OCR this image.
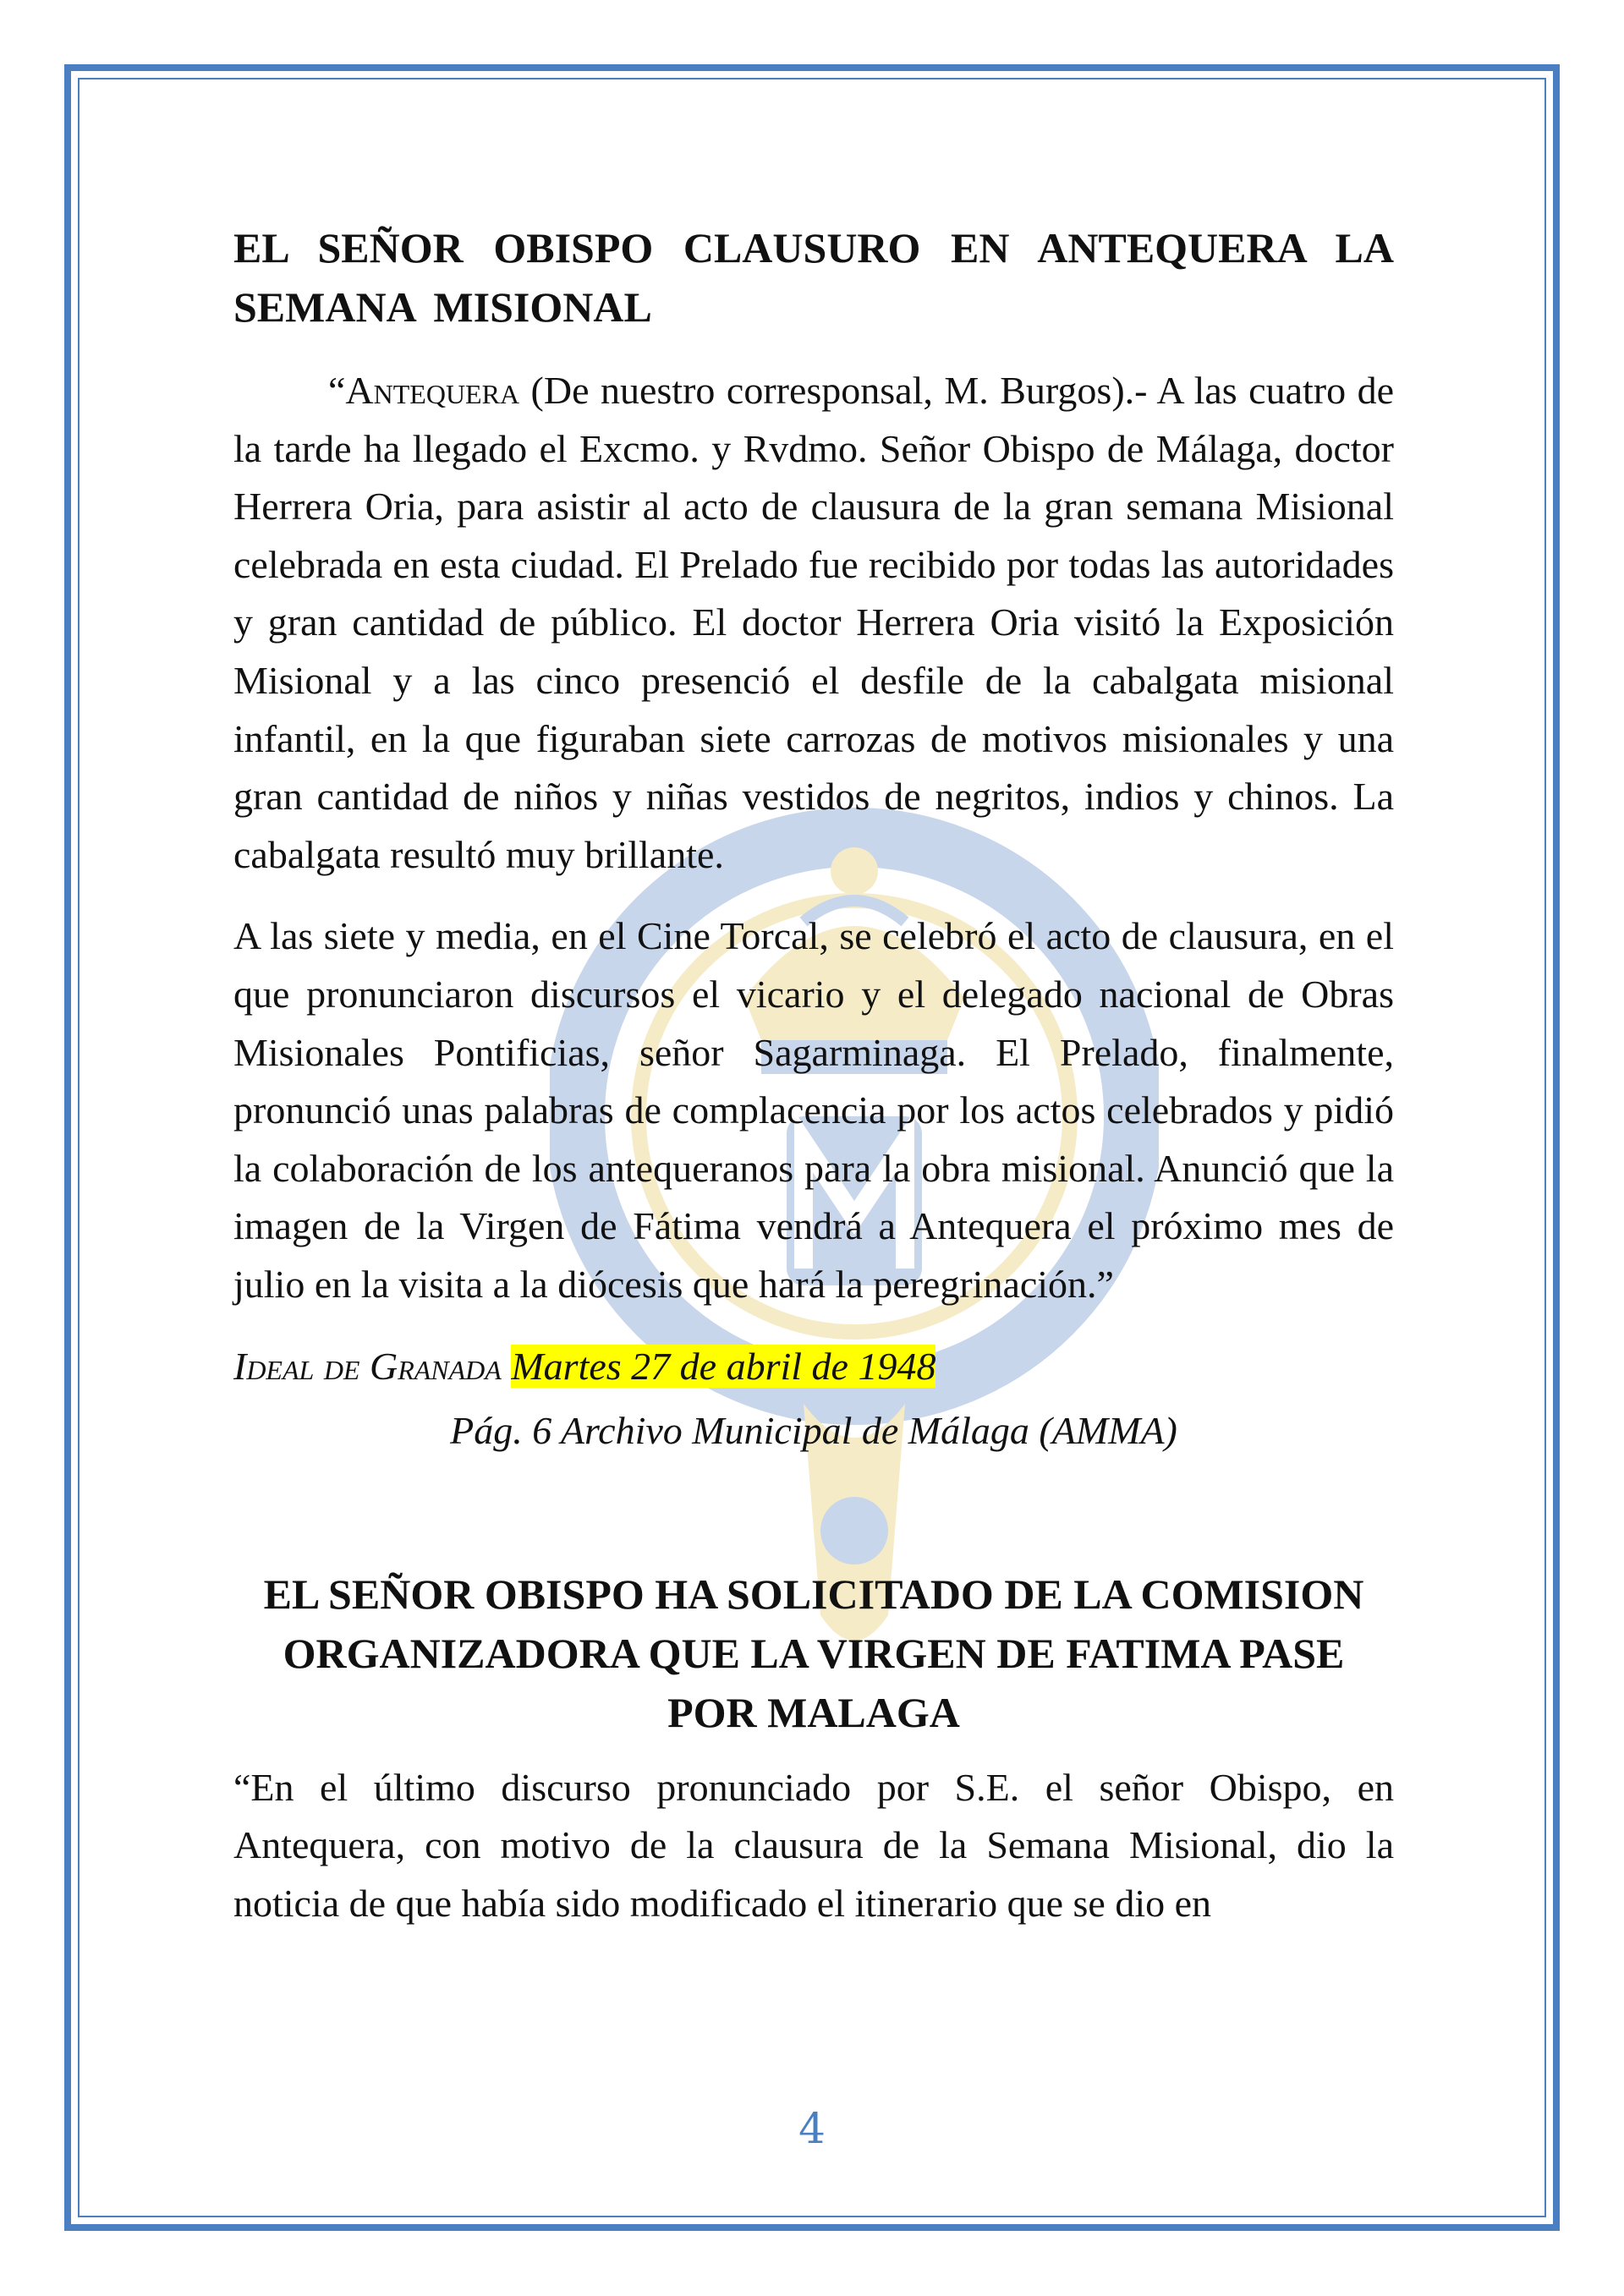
EL SEÑOR OBISPO CLAUSURO EN ANTEQUERA LA SEMANA MISIONAL

“Antequera (De nuestro corresponsal, M. Burgos).- A las cuatro de la tarde ha llegado el Excmo. y Rvdmo. Señor Obispo de Málaga, doctor Herrera Oria, para asistir al acto de clausura de la gran semana Misional celebrada en esta ciudad. El Prelado fue recibido por todas las autoridades y gran cantidad de público. El doctor Herrera Oria visitó la Exposición Misional y a las cinco presenció el desfile de la cabalgata misional infantil, en la que figuraban siete carrozas de motivos misionales y una gran cantidad de niños y niñas vestidos de negritos, indios y chinos. La cabalgata resultó muy brillante.

A las siete y media, en el Cine Torcal, se celebró el acto de clausura, en el que pronunciaron discursos el vicario y el delegado nacional de Obras Misionales Pontificias, señor Sagarminaga. El Prelado, finalmente, pronunció unas palabras de complacencia por los actos celebrados y pidió la colaboración de los antequeranos para la obra misional. Anunció que la imagen de la Virgen de Fátima vendrá a Antequera el próximo mes de julio en la visita a la diócesis que hará la peregrinación.”

Ideal de Granada Martes 27 de abril de 1948

Pág. 6 Archivo Municipal de Málaga (AMMA)

EL SEÑOR OBISPO HA SOLICITADO DE LA COMISION

ORGANIZADORA QUE LA VIRGEN DE FATIMA PASE

POR MALAGA

“En el último discurso pronunciado por S.E. el señor Obispo, en Antequera, con motivo de la clausura de la Semana Misional, dio la noticia de que había sido modificado el itinerario que se dio en

4
